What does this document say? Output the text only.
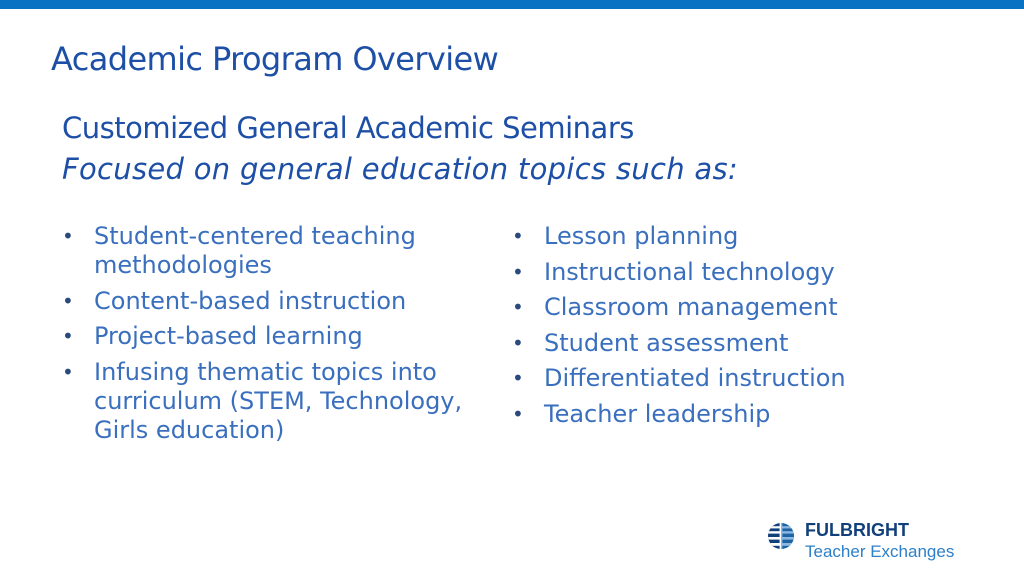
Academic Program Overview
Customized General Academic Seminars

Focused on general education topics such as:

• Student-centered teaching methodologies
• Content-based instruction
• Project-based learning
• Infusing thematic topics into curriculum (STEM, Technology, Girls education)
• Lesson planning
• Instructional technology
• Classroom management
• Student assessment
• Differentiated instruction
• Teacher leadership

FULBRIGHT

Teacher Exchanges
